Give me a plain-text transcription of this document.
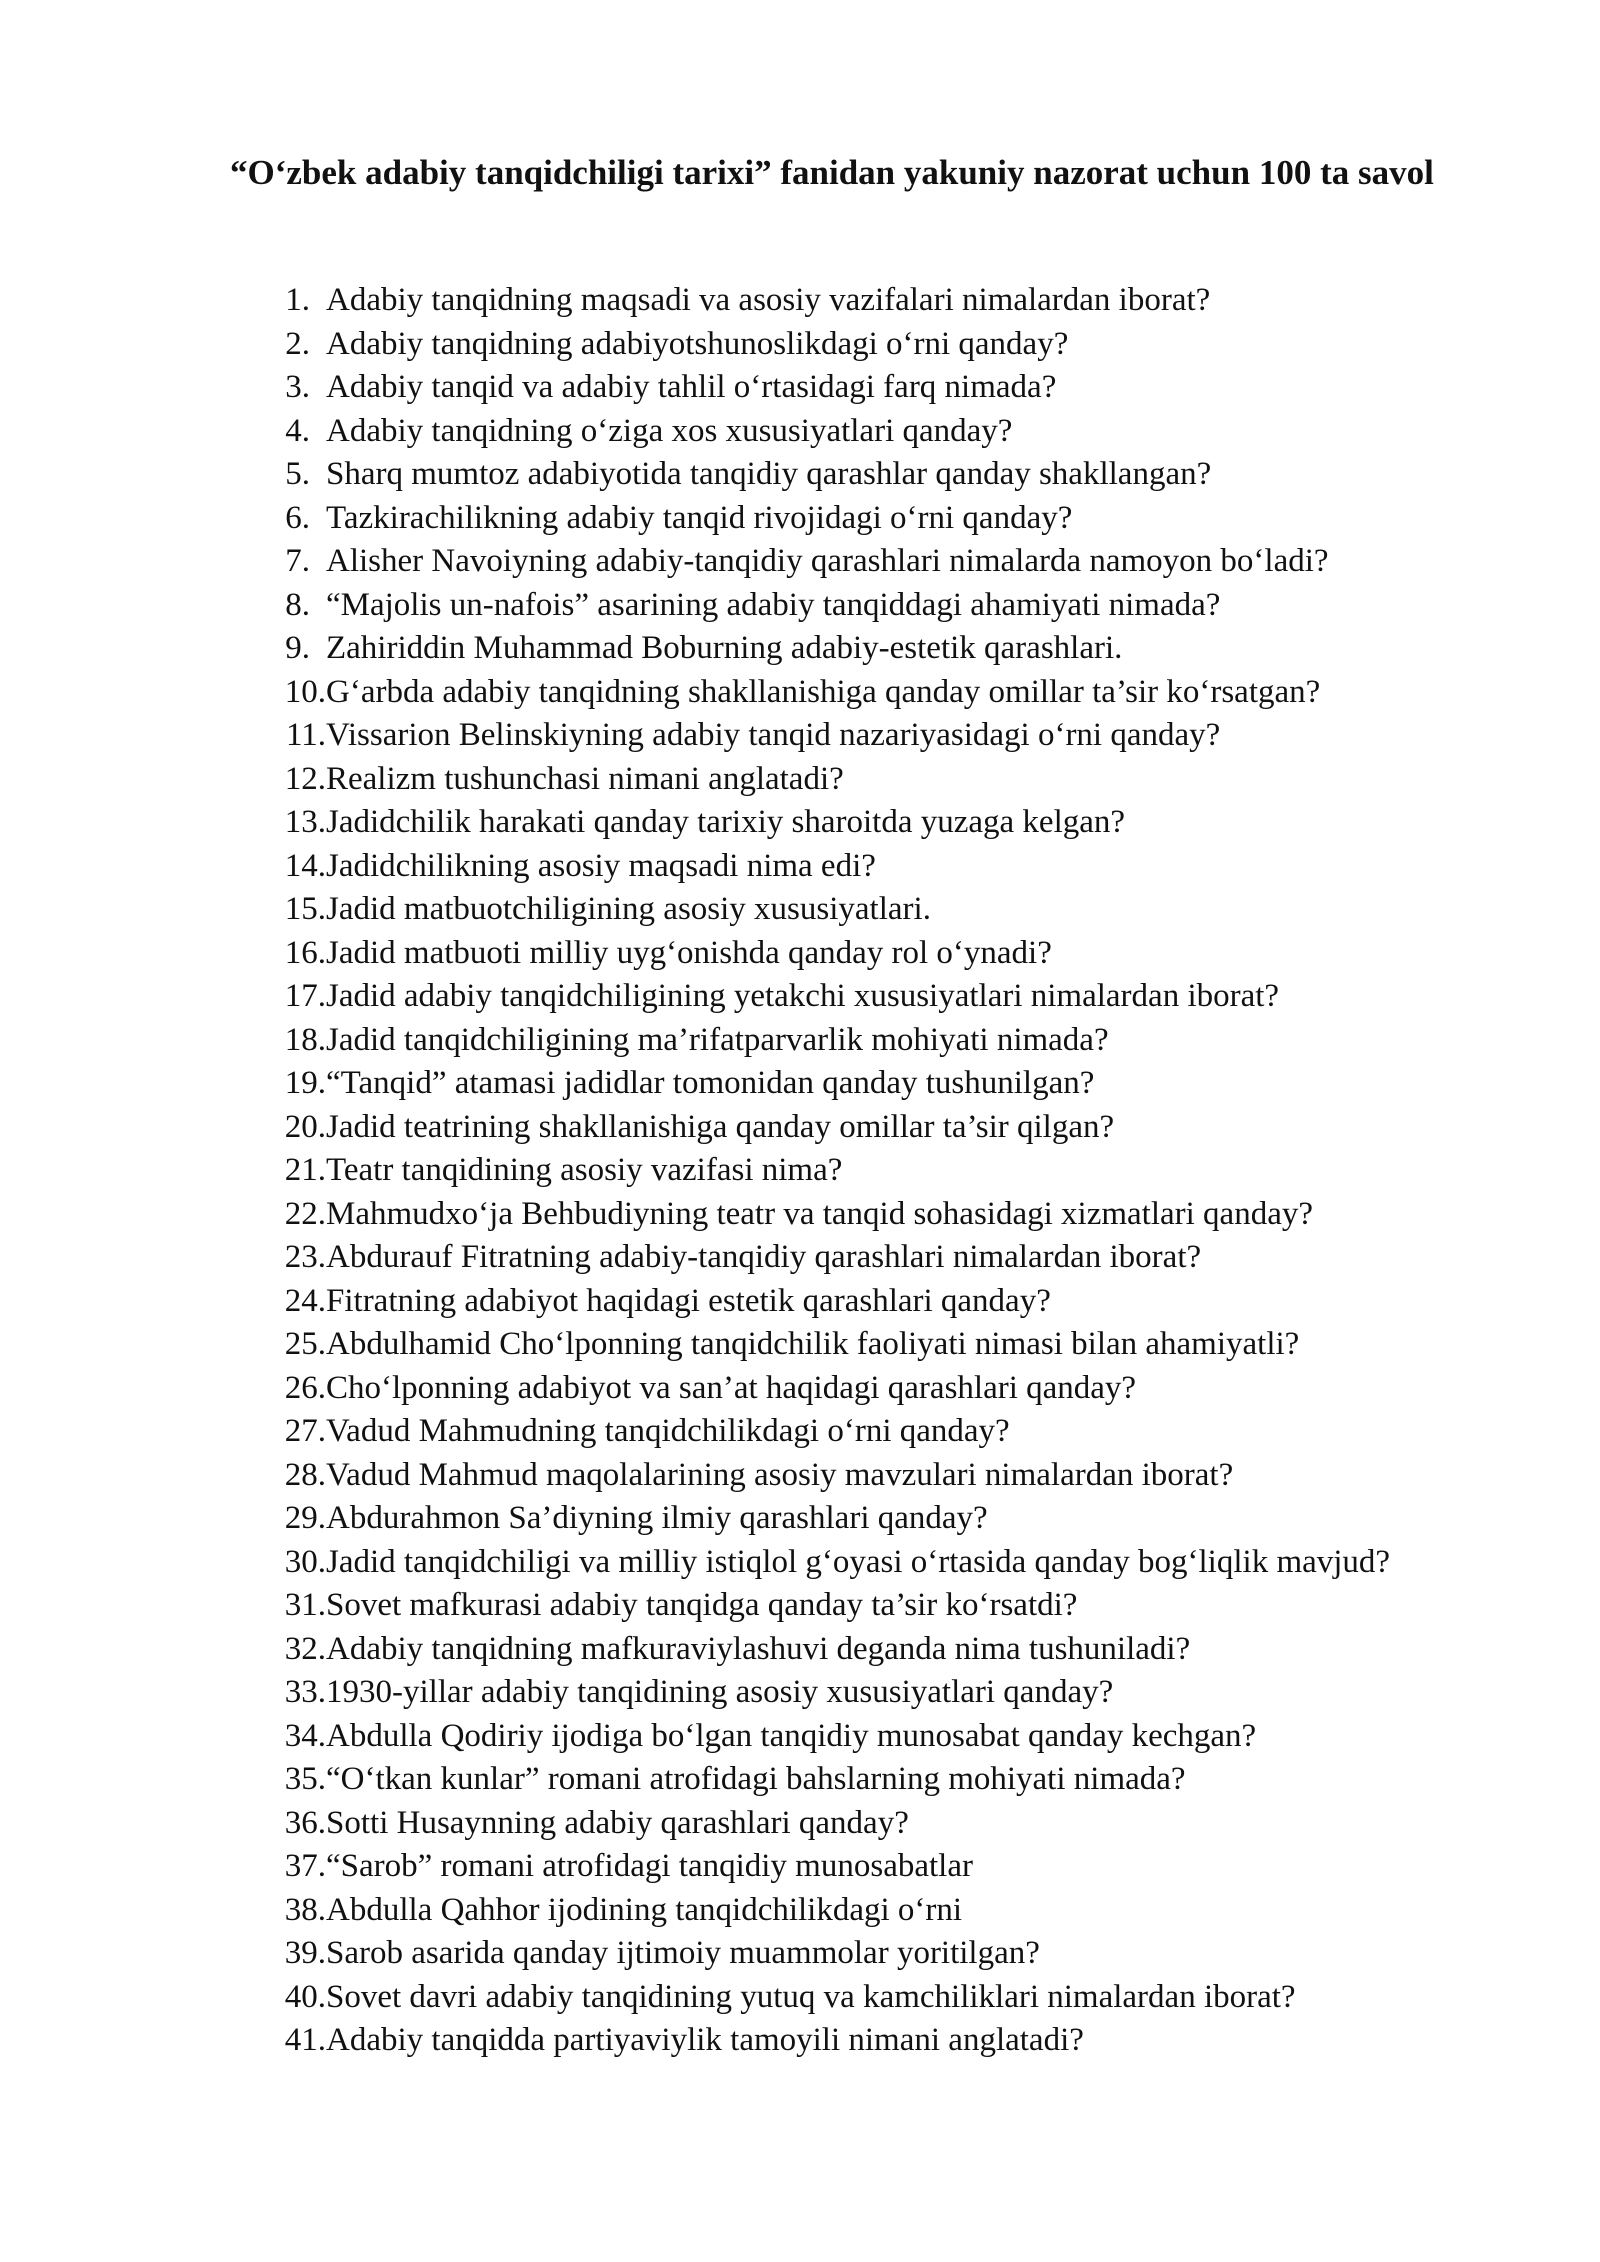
“O‘zbek adabiy tanqidchiligi tarixi” fanidan yakuniy nazorat uchun 100 ta savol
1. Adabiy tanqidning maqsadi va asosiy vazifalari nimalardan iborat?
2. Adabiy tanqidning adabiyotshunoslikdagi o‘rni qanday?
3. Adabiy tanqid va adabiy tahlil o‘rtasidagi farq nimada?
4. Adabiy tanqidning o‘ziga xos xususiyatlari qanday?
5. Sharq mumtoz adabiyotida tanqidiy qarashlar qanday shakllangan?
6. Tazkirachilikning adabiy tanqid rivojidagi o‘rni qanday?
7. Alisher Navoiyning adabiy-tanqidiy qarashlari nimalarda namoyon bo‘ladi?
8. “Majolis un-nafois” asarining adabiy tanqiddagi ahamiyati nimada?
9. Zahiriddin Muhammad Boburning adabiy-estetik qarashlari.
10. G‘arbda adabiy tanqidning shakllanishiga qanday omillar ta’sir ko‘rsatgan?
11. Vissarion Belinskiyning adabiy tanqid nazariyasidagi o‘rni qanday?
12. Realizm tushunchasi nimani anglatadi?
13. Jadidchilik harakati qanday tarixiy sharoitda yuzaga kelgan?
14. Jadidchilikning asosiy maqsadi nima edi?
15. Jadid matbuotchiligining asosiy xususiyatlari.
16. Jadid matbuoti milliy uyg‘onishda qanday rol o‘ynadi?
17. Jadid adabiy tanqidchiligining yetakchi xususiyatlari nimalardan iborat?
18. Jadid tanqidchiligining ma’rifatparvarlik mohiyati nimada?
19. “Tanqid” atamasi jadidlar tomonidan qanday tushunilgan?
20. Jadid teatrining shakllanishiga qanday omillar ta’sir qilgan?
21. Teatr tanqidining asosiy vazifasi nima?
22. Mahmudxo‘ja Behbudiyning teatr va tanqid sohasidagi xizmatlari qanday?
23. Abdurauf Fitratning adabiy-tanqidiy qarashlari nimalardan iborat?
24. Fitratning adabiyot haqidagi estetik qarashlari qanday?
25. Abdulhamid Cho‘lponning tanqidchilik faoliyati nimasi bilan ahamiyatli?
26. Cho‘lponning adabiyot va san’at haqidagi qarashlari qanday?
27. Vadud Mahmudning tanqidchilikdagi o‘rni qanday?
28. Vadud Mahmud maqolalarining asosiy mavzulari nimalardan iborat?
29. Abdurahmon Sa’diyning ilmiy qarashlari qanday?
30. Jadid tanqidchiligi va milliy istiqlol g‘oyasi o‘rtasida qanday bog‘liqlik mavjud?
31. Sovet mafkurasi adabiy tanqidga qanday ta’sir ko‘rsatdi?
32. Adabiy tanqidning mafkuraviylashuvi deganda nima tushuniladi?
33. 1930-yillar adabiy tanqidining asosiy xususiyatlari qanday?
34. Abdulla Qodiriy ijodiga bo‘lgan tanqidiy munosabat qanday kechgan?
35. “O‘tkan kunlar” romani atrofidagi bahslarning mohiyati nimada?
36. Sotti Husaynning adabiy qarashlari qanday?
37. “Sarob” romani atrofidagi tanqidiy munosabatlar
38. Abdulla Qahhor ijodining tanqidchilikdagi o‘rni
39. Sarob asarida qanday ijtimoiy muammolar yoritilgan?
40. Sovet davri adabiy tanqidining yutuq va kamchiliklari nimalardan iborat?
41. Adabiy tanqidda partiyaviylik tamoyili nimani anglatadi?
